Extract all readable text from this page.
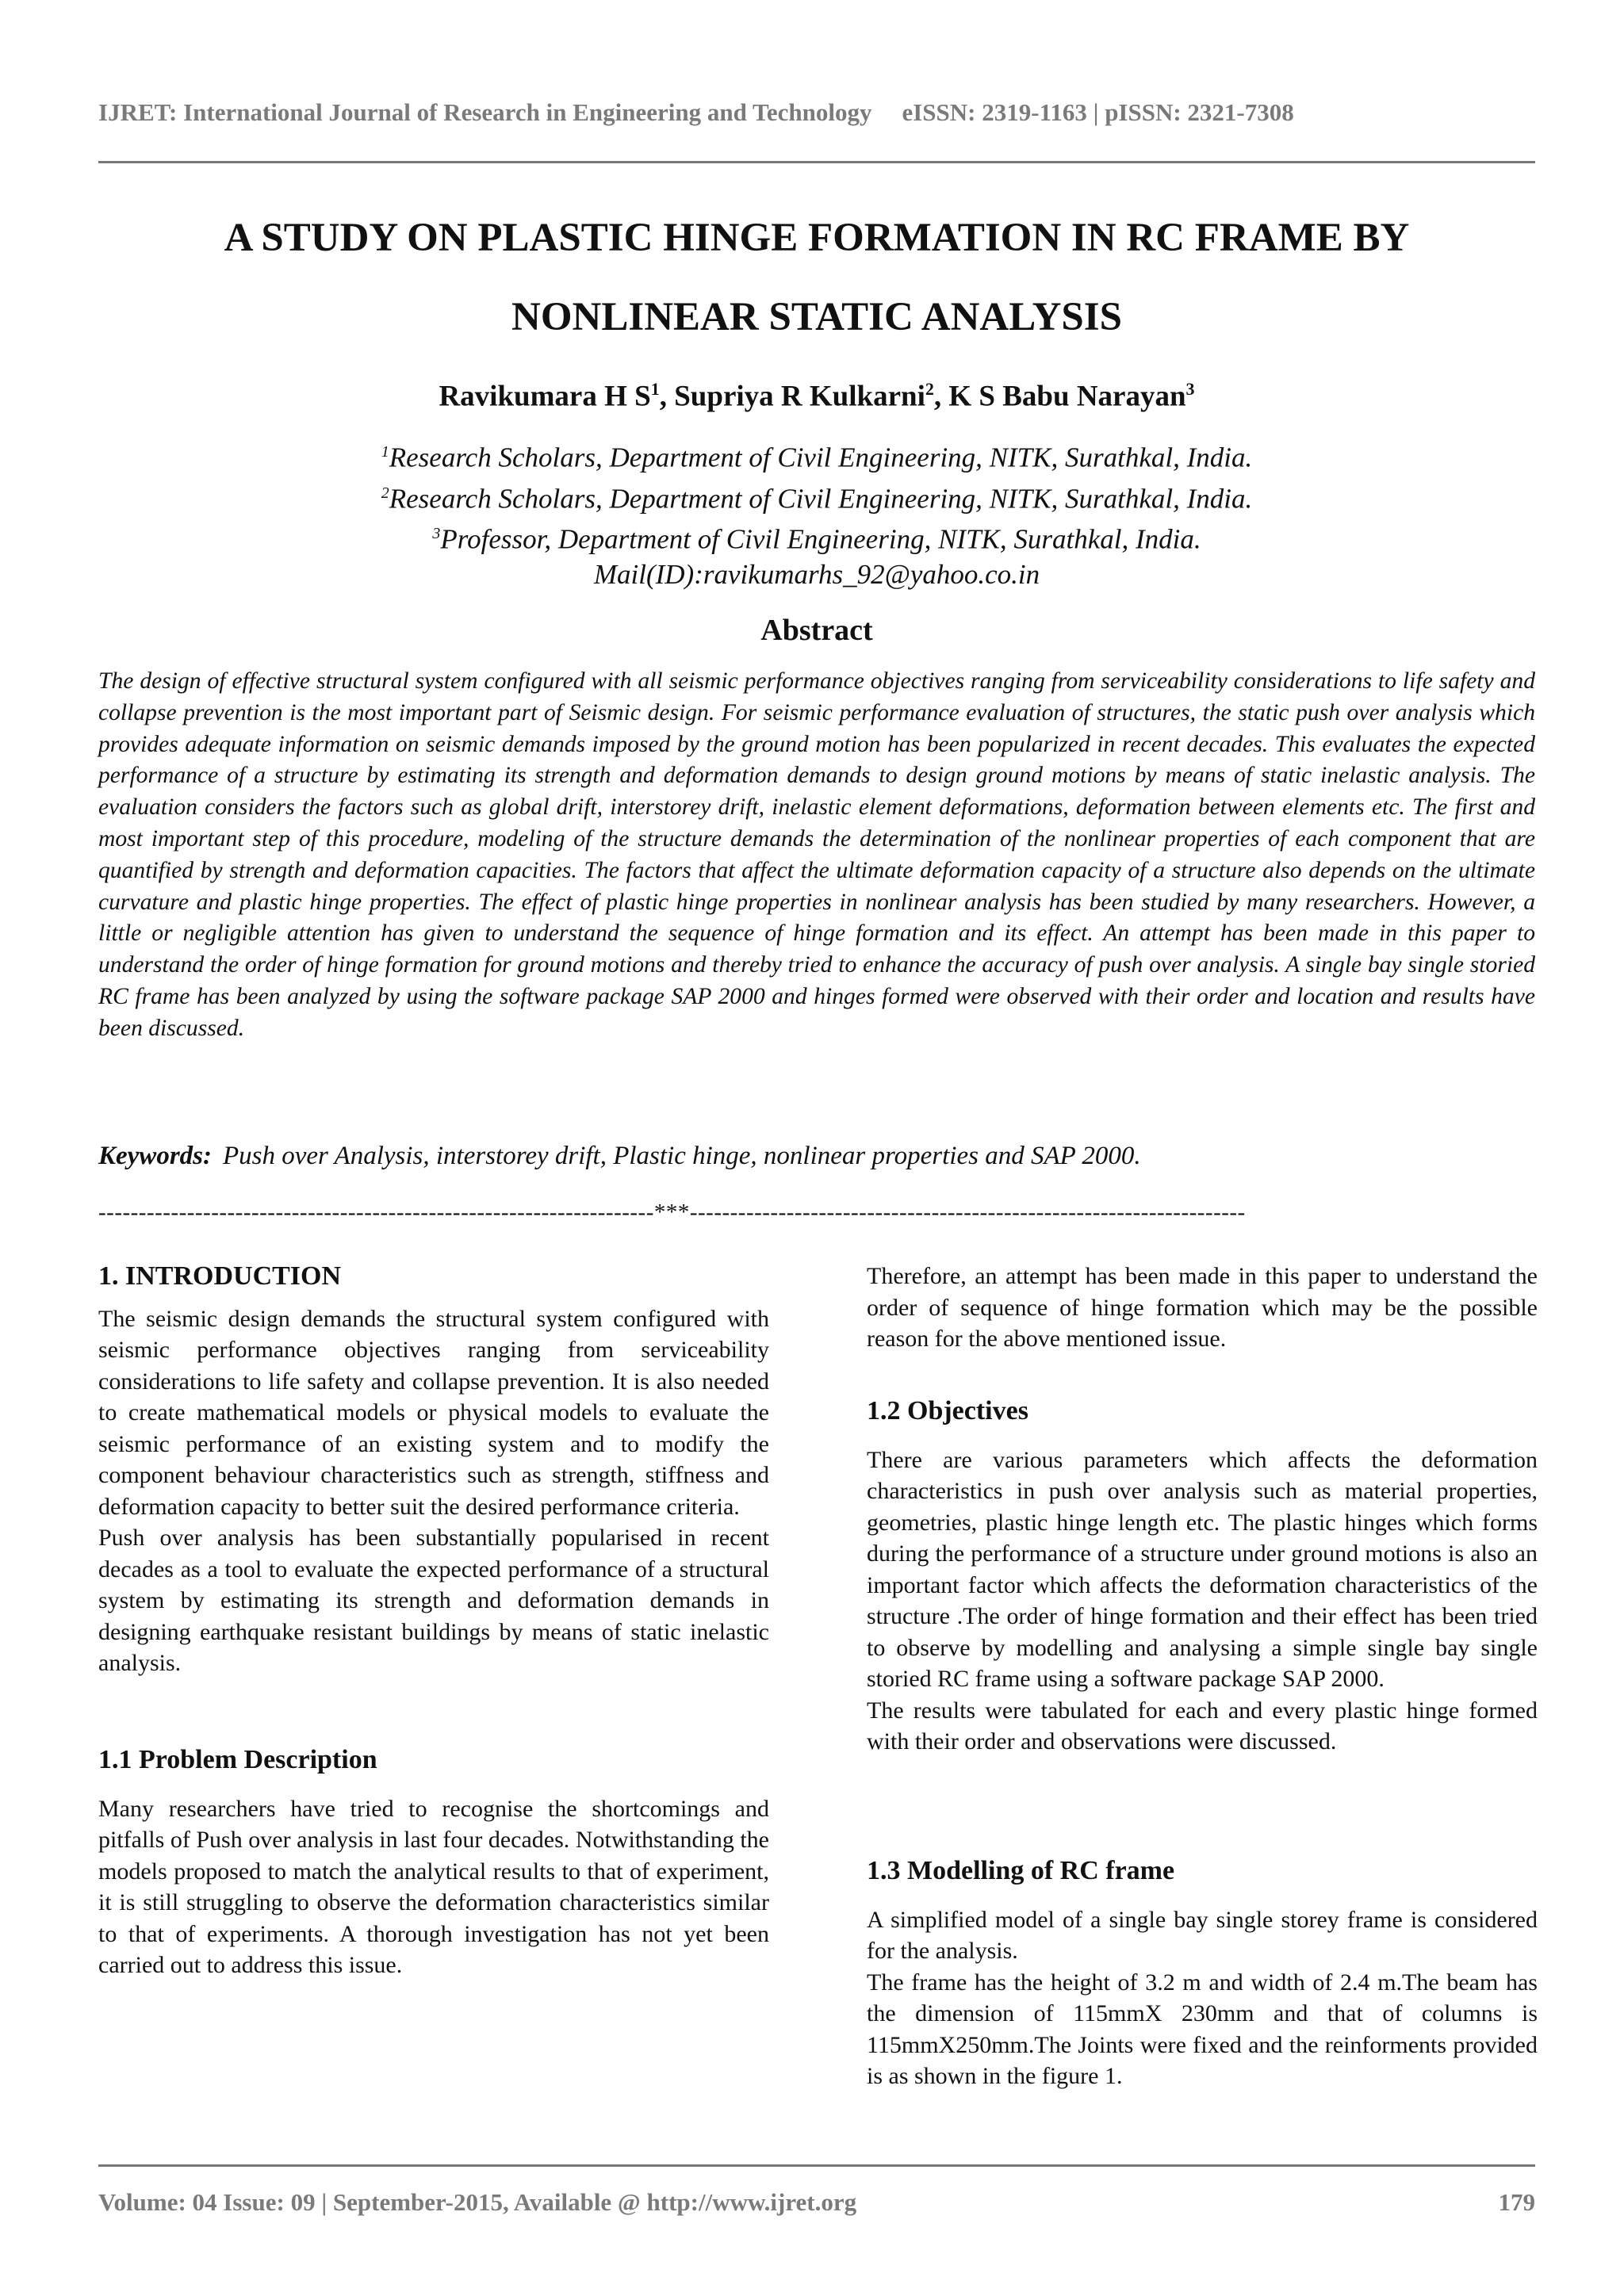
IJRET: International Journal of Research in Engineering and Technology eISSN: 2319-1163 | pISSN: 2321-7308
A STUDY ON PLASTIC HINGE FORMATION IN RC FRAME BY
NONLINEAR STATIC ANALYSIS
Ravikumara H $S^1$, Supriya R Kulkarni$^2$, K S Babu Narayan$^3$
$^1$Research Scholars, Department of Civil Engineering, NITK, Surathkal, India.
$^2$Research Scholars, Department of Civil Engineering, NITK, Surathkal, India.
$^3$Professor, Department of Civil Engineering, NITK, Surathkal, India.
Mail(ID):ravikumarhs_92@yahoo.co.in
Abstract

The design of effective structural system configured with all seismic performance objectives ranging from serviceability considerations to life safety and collapse prevention is the most important part of Seismic design. For seismic performance evaluation of structures, the static push over analysis which provides adequate information on seismic demands imposed by the ground motion has been popularized in recent decades. This evaluates the expected performance of a structure by estimating its strength and deformation demands to design ground motions by means of static inelastic analysis. The evaluation considers the factors such as global drift, interstorey drift, inelastic element deformations, deformation between elements etc. The first and most important step of this procedure, modeling of the structure demands the determination of the nonlinear properties of each component that are quantified by strength and deformation capacities. The factors that affect the ultimate deformation capacity of a structure also depends on the ultimate curvature and plastic hinge properties. The effect of plastic hinge properties in nonlinear analysis has been studied by many researchers. However, a little or negligible attention has given to understand the sequence of hinge formation and its effect. An attempt has been made in this paper to understand the order of hinge formation for ground motions and thereby tried to enhance the accuracy of push over analysis. A single bay single storied RC frame has been analyzed by using the software package SAP 2000 and hinges formed were observed with their order and location and results have been discussed.

Keywords: Push over Analysis, interstorey drift, Plastic hinge, nonlinear properties and SAP 2000.
---------------------------------------------------------------------***---------------------------------------------------------------------
1. INTRODUCTION

The seismic design demands the structural system configured with seismic performance objectives ranging from serviceability considerations to life safety and collapse prevention. It is also needed to create mathematical models or physical models to evaluate the seismic performance of an existing system and to modify the component behaviour characteristics such as strength, stiffness and deformation capacity to better suit the desired performance criteria.

Push over analysis has been substantially popularised in recent decades as a tool to evaluate the expected performance of a structural system by estimating its strength and deformation demands in designing earthquake resistant buildings by means of static inelastic analysis.

1.1 Problem Description

Many researchers have tried to recognise the shortcomings and pitfalls of Push over analysis in last four decades. Notwithstanding the models proposed to match the analytical results to that of experiment, it is still struggling to observe the deformation characteristics similar to that of experiments. A thorough investigation has not yet been carried out to address this issue.

Therefore, an attempt has been made in this paper to understand the order of sequence of hinge formation which may be the possible reason for the above mentioned issue.

1.2 Objectives

There are various parameters which affects the deformation characteristics in push over analysis such as material properties, geometries, plastic hinge length etc. The plastic hinges which forms during the performance of a structure under ground motions is also an important factor which affects the deformation characteristics of the structure .The order of hinge formation and their effect has been tried to observe by modelling and analysing a simple single bay single storied RC frame using a software package SAP 2000.

The results were tabulated for each and every plastic hinge formed with their order and observations were discussed.

1.3 Modelling of RC frame

A simplified model of a single bay single storey frame is considered for the analysis.

The frame has the height of 3.2 m and width of 2.4 m.The beam has the dimension of 115mmX 230mm and that of columns is 115mmX250mm.The Joints were fixed and the reinforments provided is as shown in the figure 1.

Volume: 04 Issue: 09 | September-2015, Available @ http://www.ijret.org	179
